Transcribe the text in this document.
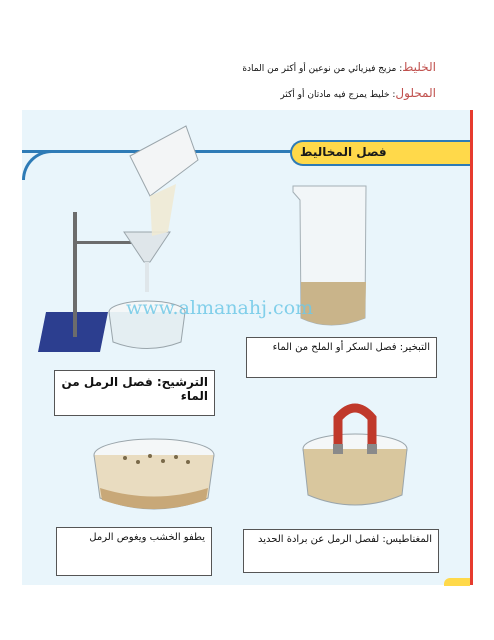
الخليط: مزيج فيزيائي من نوعين أو أكثر من المادة
المحلول: خليط يمزج فيه مادتان أو أكثر
فصل المخاليط
www.almanahj.com
الترشيح: فصل الرمل من الماء
التبخير: فصل السكر أو الملح من الماء
يطفو الخشب ويغوص الرمل	المغناطيس: لفصل الرمل عن برادة الحديد
